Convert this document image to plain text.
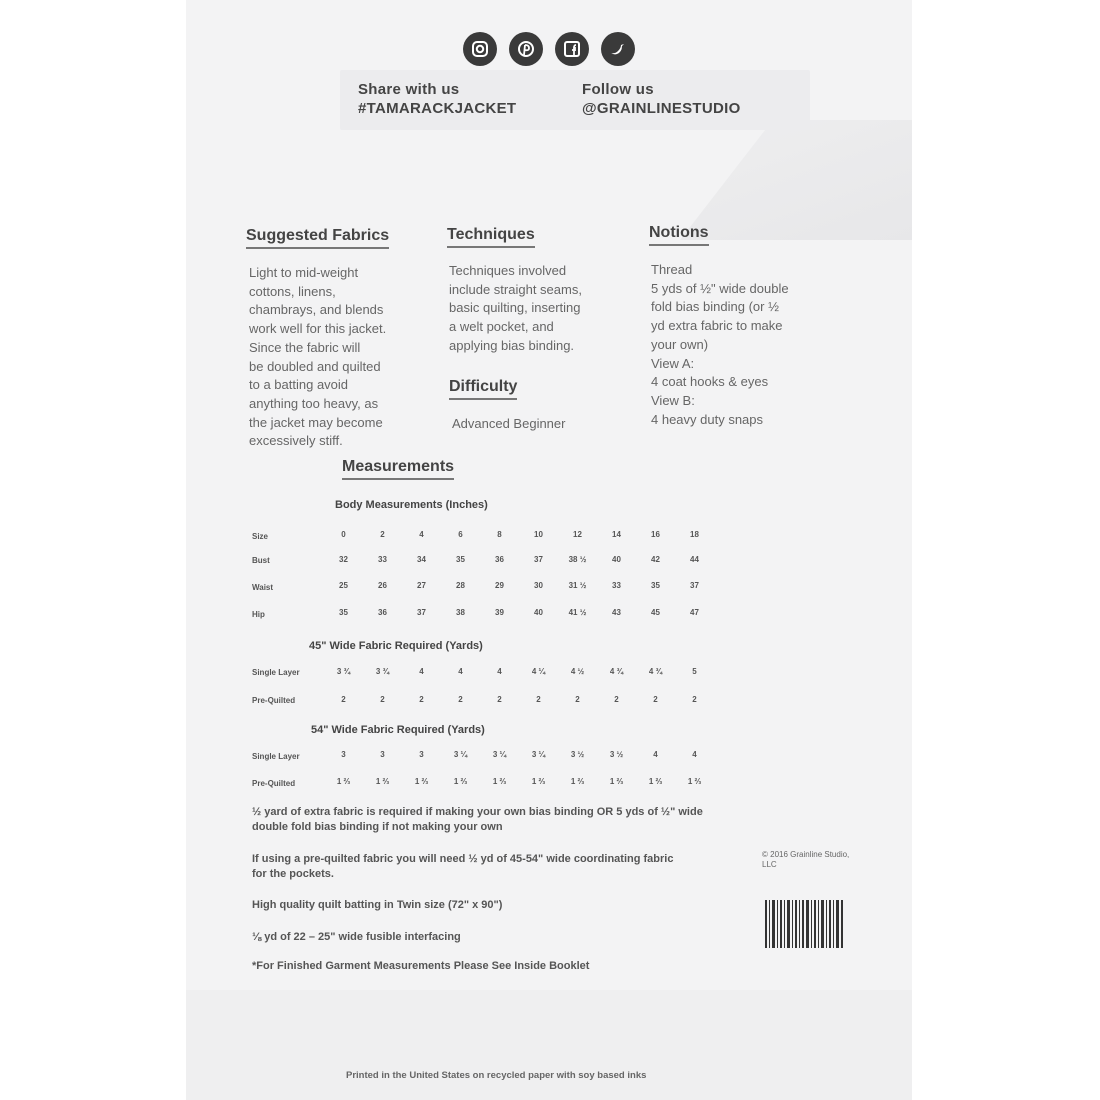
Share with us
#TAMARACKJACKET
Follow us
@GRAINLINESTUDIO
Suggested Fabrics
Light to mid-weight
cottons, linens,
chambrays, and blends
work well for this jacket.
Since the fabric will
be doubled and quilted
to a batting avoid
anything too heavy, as
the jacket may become
excessively stiff.
Techniques
Techniques involved
include straight seams,
basic quilting, inserting
a welt pocket, and
applying bias binding.
Difficulty
Advanced Beginner
Notions
Thread
5 yds of ½" wide double
fold bias binding (or ½
yd extra fabric to make
your own)
View A:
4 coat hooks & eyes
View B:
4 heavy duty snaps
Measurements
Body Measurements (Inches)
Size	0	2	4	6	8	10	12	14	16	18
Bust	32	33	34	35	36	37	38 ½	40	42	44
Waist	25	26	27	28	29	30	31 ½	33	35	37
Hip	35	36	37	38	39	40	41 ½	43	45	47
45" Wide Fabric Required (Yards)
Single Layer	3 ¾	3 ¾	4	4	4	4 ¼	4 ½	4 ¾	4 ¾	5
Pre-Quilted	2	2	2	2	2	2	2	2	2	2
54" Wide Fabric Required (Yards)
Single Layer	3	3	3	3 ¼	3 ¼	3 ¼	3 ½	3 ½	4	4
Pre-Quilted	1 ⅔	1 ⅔	1 ⅔	1 ⅔	1 ⅔	1 ⅔	1 ⅔	1 ⅔	1 ⅔	1 ⅔
½ yard of extra fabric is required if making your own bias binding OR 5 yds of ½" wide double fold bias binding if not making your own
If using a pre-quilted fabric you will need ½ yd of 45-54" wide coordinating fabric for the pockets.
High quality quilt batting in Twin size (72" x 90")
⅛ yd of 22 – 25" wide fusible interfacing
*For Finished Garment Measurements Please See Inside Booklet
© 2016 Grainline Studio, LLC
Printed in the United States on recycled paper with soy based inks
